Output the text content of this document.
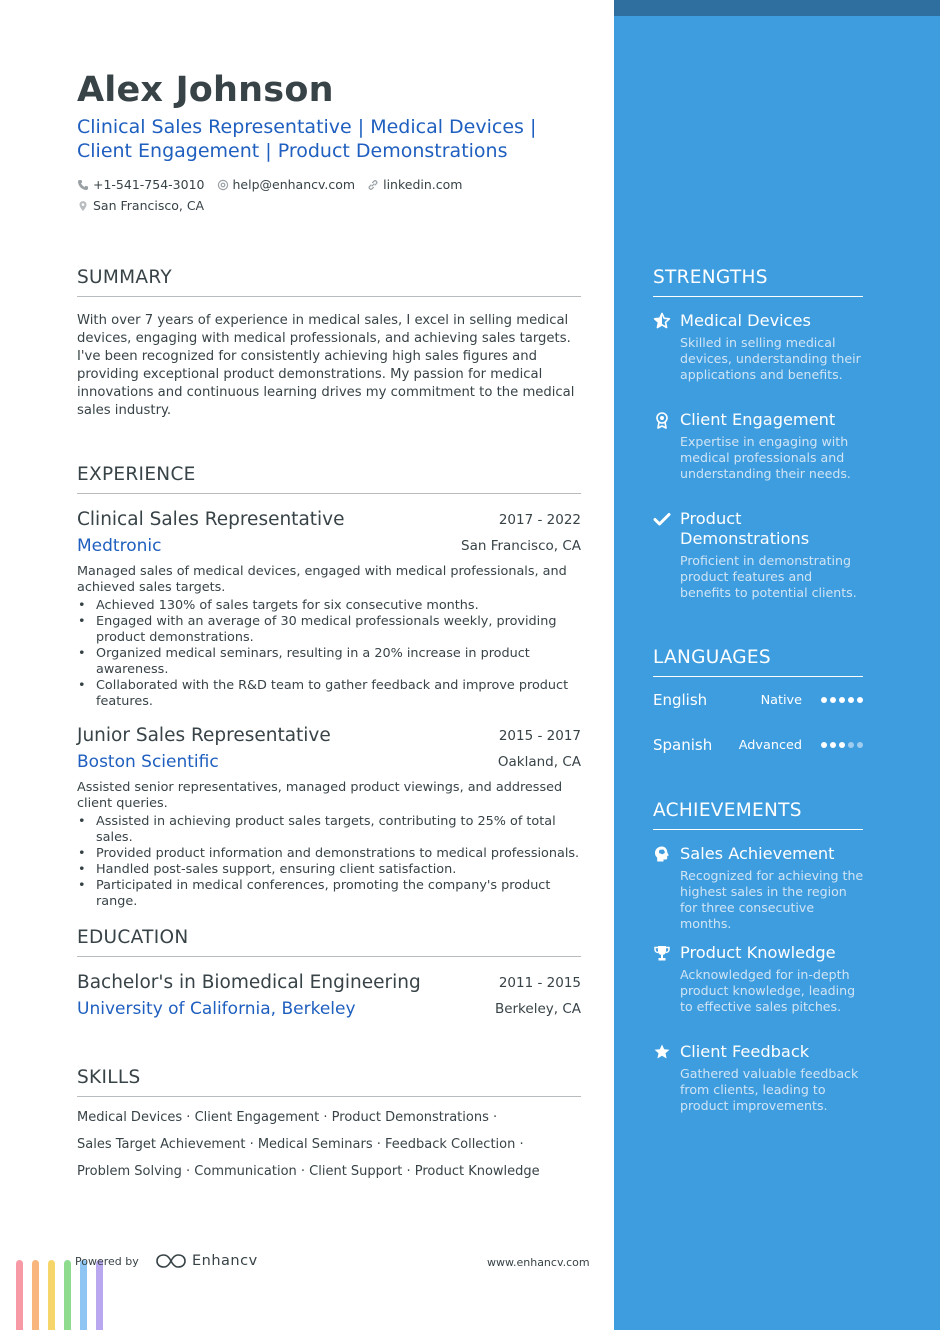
Alex Johnson
Clinical Sales Representative | Medical Devices |
Client Engagement | Product Demonstrations
+1-541-754-3010 help@enhancv.com linkedin.com
San Francisco, CA
SUMMARY
With over 7 years of experience in medical sales, I excel in selling medical devices, engaging with medical professionals, and achieving sales targets. I've been recognized for consistently achieving high sales figures and providing exceptional product demonstrations. My passion for medical innovations and continuous learning drives my commitment to the medical sales industry.
EXPERIENCE
Clinical Sales Representative	2017 - 2022
Medtronic	San Francisco, CA
Managed sales of medical devices, engaged with medical professionals, and achieved sales targets.
• Achieved 130% of sales targets for six consecutive months.
• Engaged with an average of 30 medical professionals weekly, providing product demonstrations.
• Organized medical seminars, resulting in a 20% increase in product awareness.
• Collaborated with the R&D team to gather feedback and improve product features.
Junior Sales Representative	2015 - 2017
Boston Scientific	Oakland, CA
Assisted senior representatives, managed product viewings, and addressed client queries.
• Assisted in achieving product sales targets, contributing to 25% of total sales.
• Provided product information and demonstrations to medical professionals.
• Handled post-sales support, ensuring client satisfaction.
• Participated in medical conferences, promoting the company's product range.
EDUCATION
Bachelor's in Biomedical Engineering	2011 - 2015
University of California, Berkeley	Berkeley, CA
SKILLS
Medical Devices · Client Engagement · Product Demonstrations ·
Sales Target Achievement · Medical Seminars · Feedback Collection ·
Problem Solving · Communication · Client Support · Product Knowledge
Powered by	Enhancv	www.enhancv.com
STRENGTHS
Medical Devices
Skilled in selling medical devices, understanding their applications and benefits.
Client Engagement
Expertise in engaging with medical professionals and understanding their needs.
Product Demonstrations
Proficient in demonstrating product features and benefits to potential clients.
LANGUAGES
English	Native
Spanish	Advanced
ACHIEVEMENTS
Sales Achievement
Recognized for achieving the highest sales in the region for three consecutive months.
Product Knowledge
Acknowledged for in-depth product knowledge, leading to effective sales pitches.
Client Feedback
Gathered valuable feedback from clients, leading to product improvements.
